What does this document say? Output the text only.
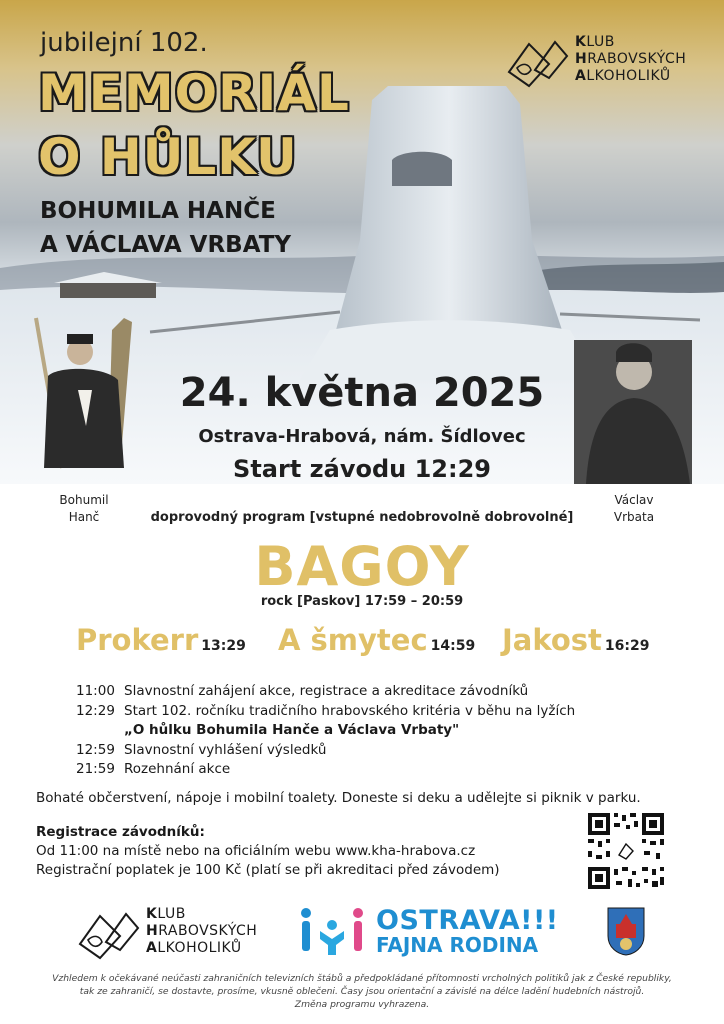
jubilejní 102.
MEMORIÁL
O HŮLKU
BOHUMILA HANČE
A VÁCLAVA VRBATY
KLUB
HRABOVSKÝCH
ALKOHOLIKŮ
24. května 2025
Ostrava-Hrabová, nám. Šídlovec
Start závodu 12:29
Bohumil
Hanč
Václav
Vrbata
doprovodný program [vstupné nedobrovolně dobrovolné]
BAGOY
rock [Paskov] 17:59 – 20:59
Prokerr 13:29 A šmytec 14:59 Jakost 16:29
11:00 Slavnostní zahájení akce, registrace a akreditace závodníků
12:29 Start 102. ročníku tradičního hrabovského kritéria v běhu na lyžích
„O hůlku Bohumila Hanče a Václava Vrbaty"
12:59 Slavnostní vyhlášení výsledků
21:59 Rozehnání akce
Bohaté občerstvení, nápoje i mobilní toalety. Doneste si deku a udělejte si piknik v parku.
Registrace závodníků:
Od 11:00 na místě nebo na oficiálním webu www.kha-hrabova.cz
Registrační poplatek je 100 Kč (platí se při akreditaci před závodem)
KLUB
HRABOVSKÝCH
ALKOHOLIKŮ
OSTRAVA!!!
FAJNA RODINA
Vzhledem k očekávané neúčasti zahraničních televizních štábů a předpokládané přítomnosti vrcholných politiků jak z České republiky,
tak ze zahraničí, se dostavte, prosíme, vkusně oblečeni. Časy jsou orientační a závislé na délce ladění hudebních nástrojů.
Změna programu vyhrazena.
